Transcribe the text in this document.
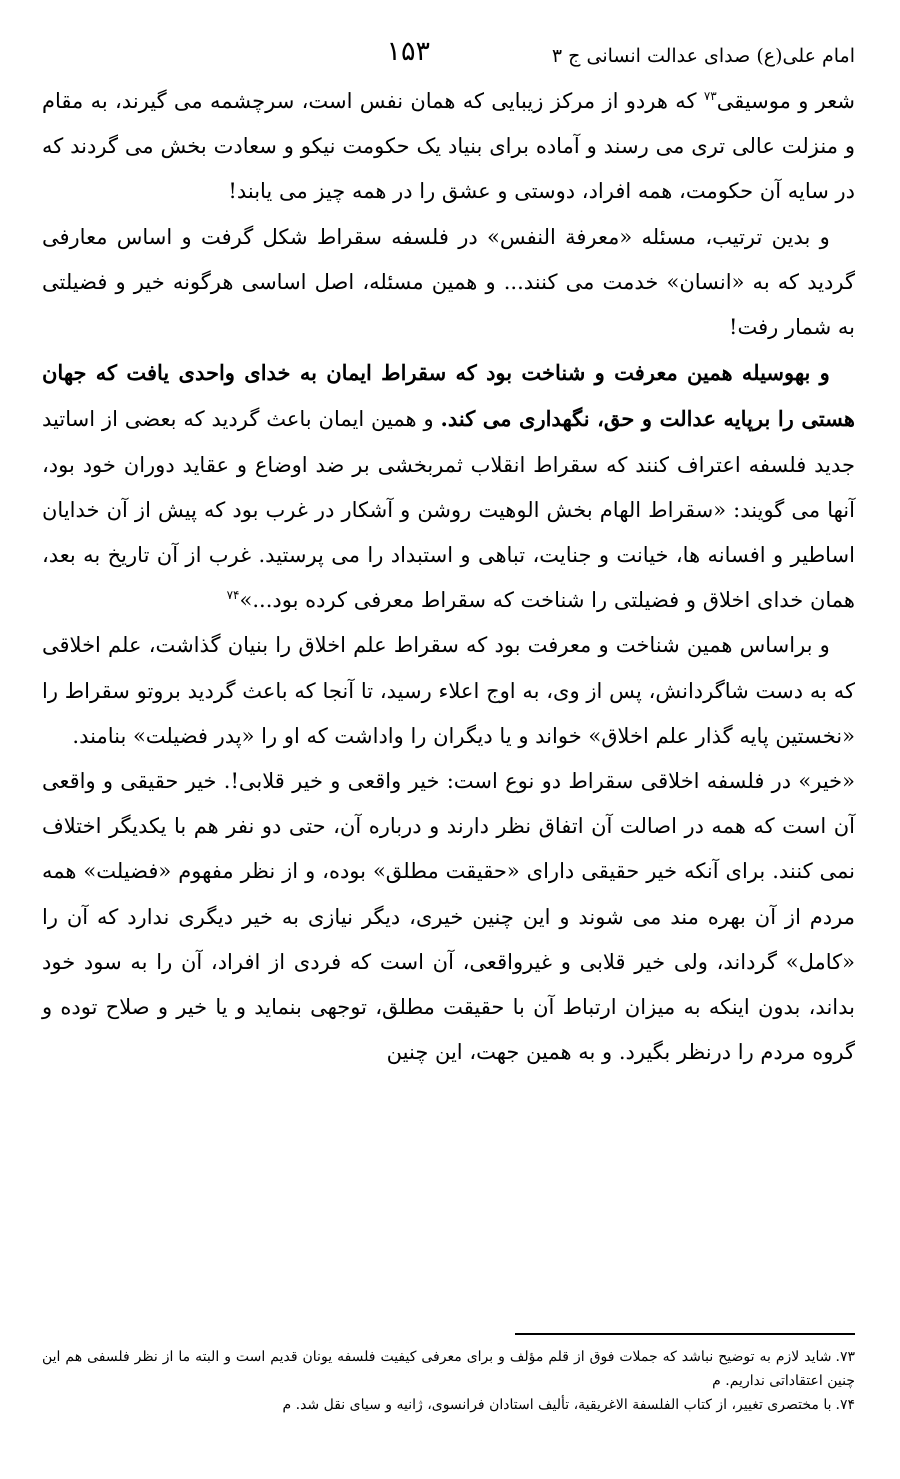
امام علی(ع) صدای عدالت انسانی ج ۳
۱۵۳

شعر و موسیقی$^{۷۳}$ که هردو از مرکز زیبایی که همان نفس است، سرچشمه می گیرند، به مقام و منزلت عالی تری می رسند و آماده برای بنیاد یک حکومت نیکو و سعادت بخش می گردند که در سایه آن حکومت، همه افراد، دوستی و عشق را در همه چیز می یابند!

و بدین ترتیب، مسئله «معرفة النفس» در فلسفه سقراط شکل گرفت و اساس معارفی گردید که به «انسان» خدمت می کنند... و همین مسئله، اصل اساسی هرگونه خیر و فضیلتی به شمار رفت!

و بهوسیله همین معرفت و شناخت بود که سقراط ایمان به خدای واحدی یافت که جهان هستی را برپایه عدالت و حق، نگهداری می کند. و همین ایمان باعث گردید که بعضی از اساتید جدید فلسفه اعتراف کنند که سقراط انقلاب ثمربخشی بر ضد اوضاع و عقاید دوران خود بود، آنها می گویند: «سقراط الهام بخش الوهیت روشن و آشکار در غرب بود که پیش از آن خدایان اساطیر و افسانه ها، خیانت و جنایت، تباهی و استبداد را می پرستید. غرب از آن تاریخ به بعد، همان خدای اخلاق و فضیلتی را شناخت که سقراط معرفی کرده بود...»$^{۷۴}$

و براساس همین شناخت و معرفت بود که سقراط علم اخلاق را بنیان گذاشت، علم اخلاقی که به دست شاگردانش، پس از وی، به اوج اعلاء رسید، تا آنجا که باعث گردید بروتو سقراط را «نخستین پایه گذار علم اخلاق» خواند و یا دیگران را واداشت که او را «پدر فضیلت» بنامند.

«خیر» در فلسفه اخلاقی سقراط دو نوع است: خیر واقعی و خیر قلابی!. خیر حقیقی و واقعی آن است که همه در اصالت آن اتفاق نظر دارند و درباره آن، حتی دو نفر هم با یکدیگر اختلاف نمی کنند. برای آنکه خیر حقیقی دارای «حقیقت مطلق» بوده، و از نظر مفهوم «فضیلت» همه مردم از آن بهره مند می شوند و این چنین خیری، دیگر نیازی به خیر دیگری ندارد که آن را «کامل» گرداند، ولی خیر قلابی و غیرواقعی، آن است که فردی از افراد، آن را به سود خود بداند، بدون اینکه به میزان ارتباط آن با حقیقت مطلق، توجهی بنماید و یا خیر و صلاح توده و گروه مردم را درنظر بگیرد. و به همین جهت، این چنین

۷۳.شاید لازم به توضیح نباشد که جملات فوق از قلم مؤلف و برای معرفی کیفیت فلسفه یونان قدیم است و البته ما از نظر فلسفی هم این چنین اعتقاداتی نداریم. م

۷۴.با مختصری تغییر، از کتاب الفلسفة الاغریقیة، تألیف استادان فرانسوی، ژانیه و سیای نقل شد. م
